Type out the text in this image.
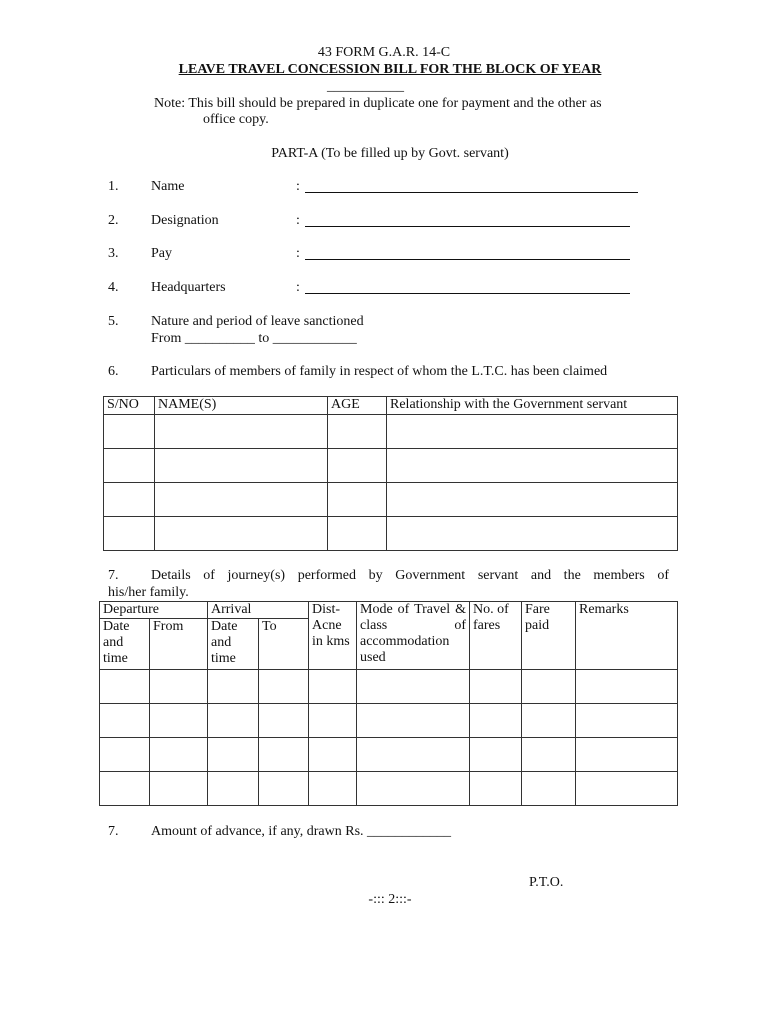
43 FORM G.A.R. 14-C
LEAVE TRAVEL CONCESSION BILL FOR THE BLOCK OF YEAR
___________
Note: This bill should be prepared in duplicate one for payment and the other as
office copy.
PART-A (To be filled up by Govt. servant)
1. Name	:
2. Designation	:
3. Pay	:
4. Headquarters	:
5. Nature and period of leave sanctioned
From __________ to ____________
6. Particulars of members of family in respect of whom the L.T.C. has been claimed
S/NO	NAME(S)	AGE	Relationship with the Government servant

7. Details of journey(s) performed by Government servant and the members of
his/her family.
Departure		Arrival		Dist-Acne in kms	Mode of Travel & class of accommodation used	No. of fares	Fare paid	Remarks
Date and time	From	Date and time	To					

7. Amount of advance, if any, drawn Rs. ____________
P.T.O.
-::: 2:::-
